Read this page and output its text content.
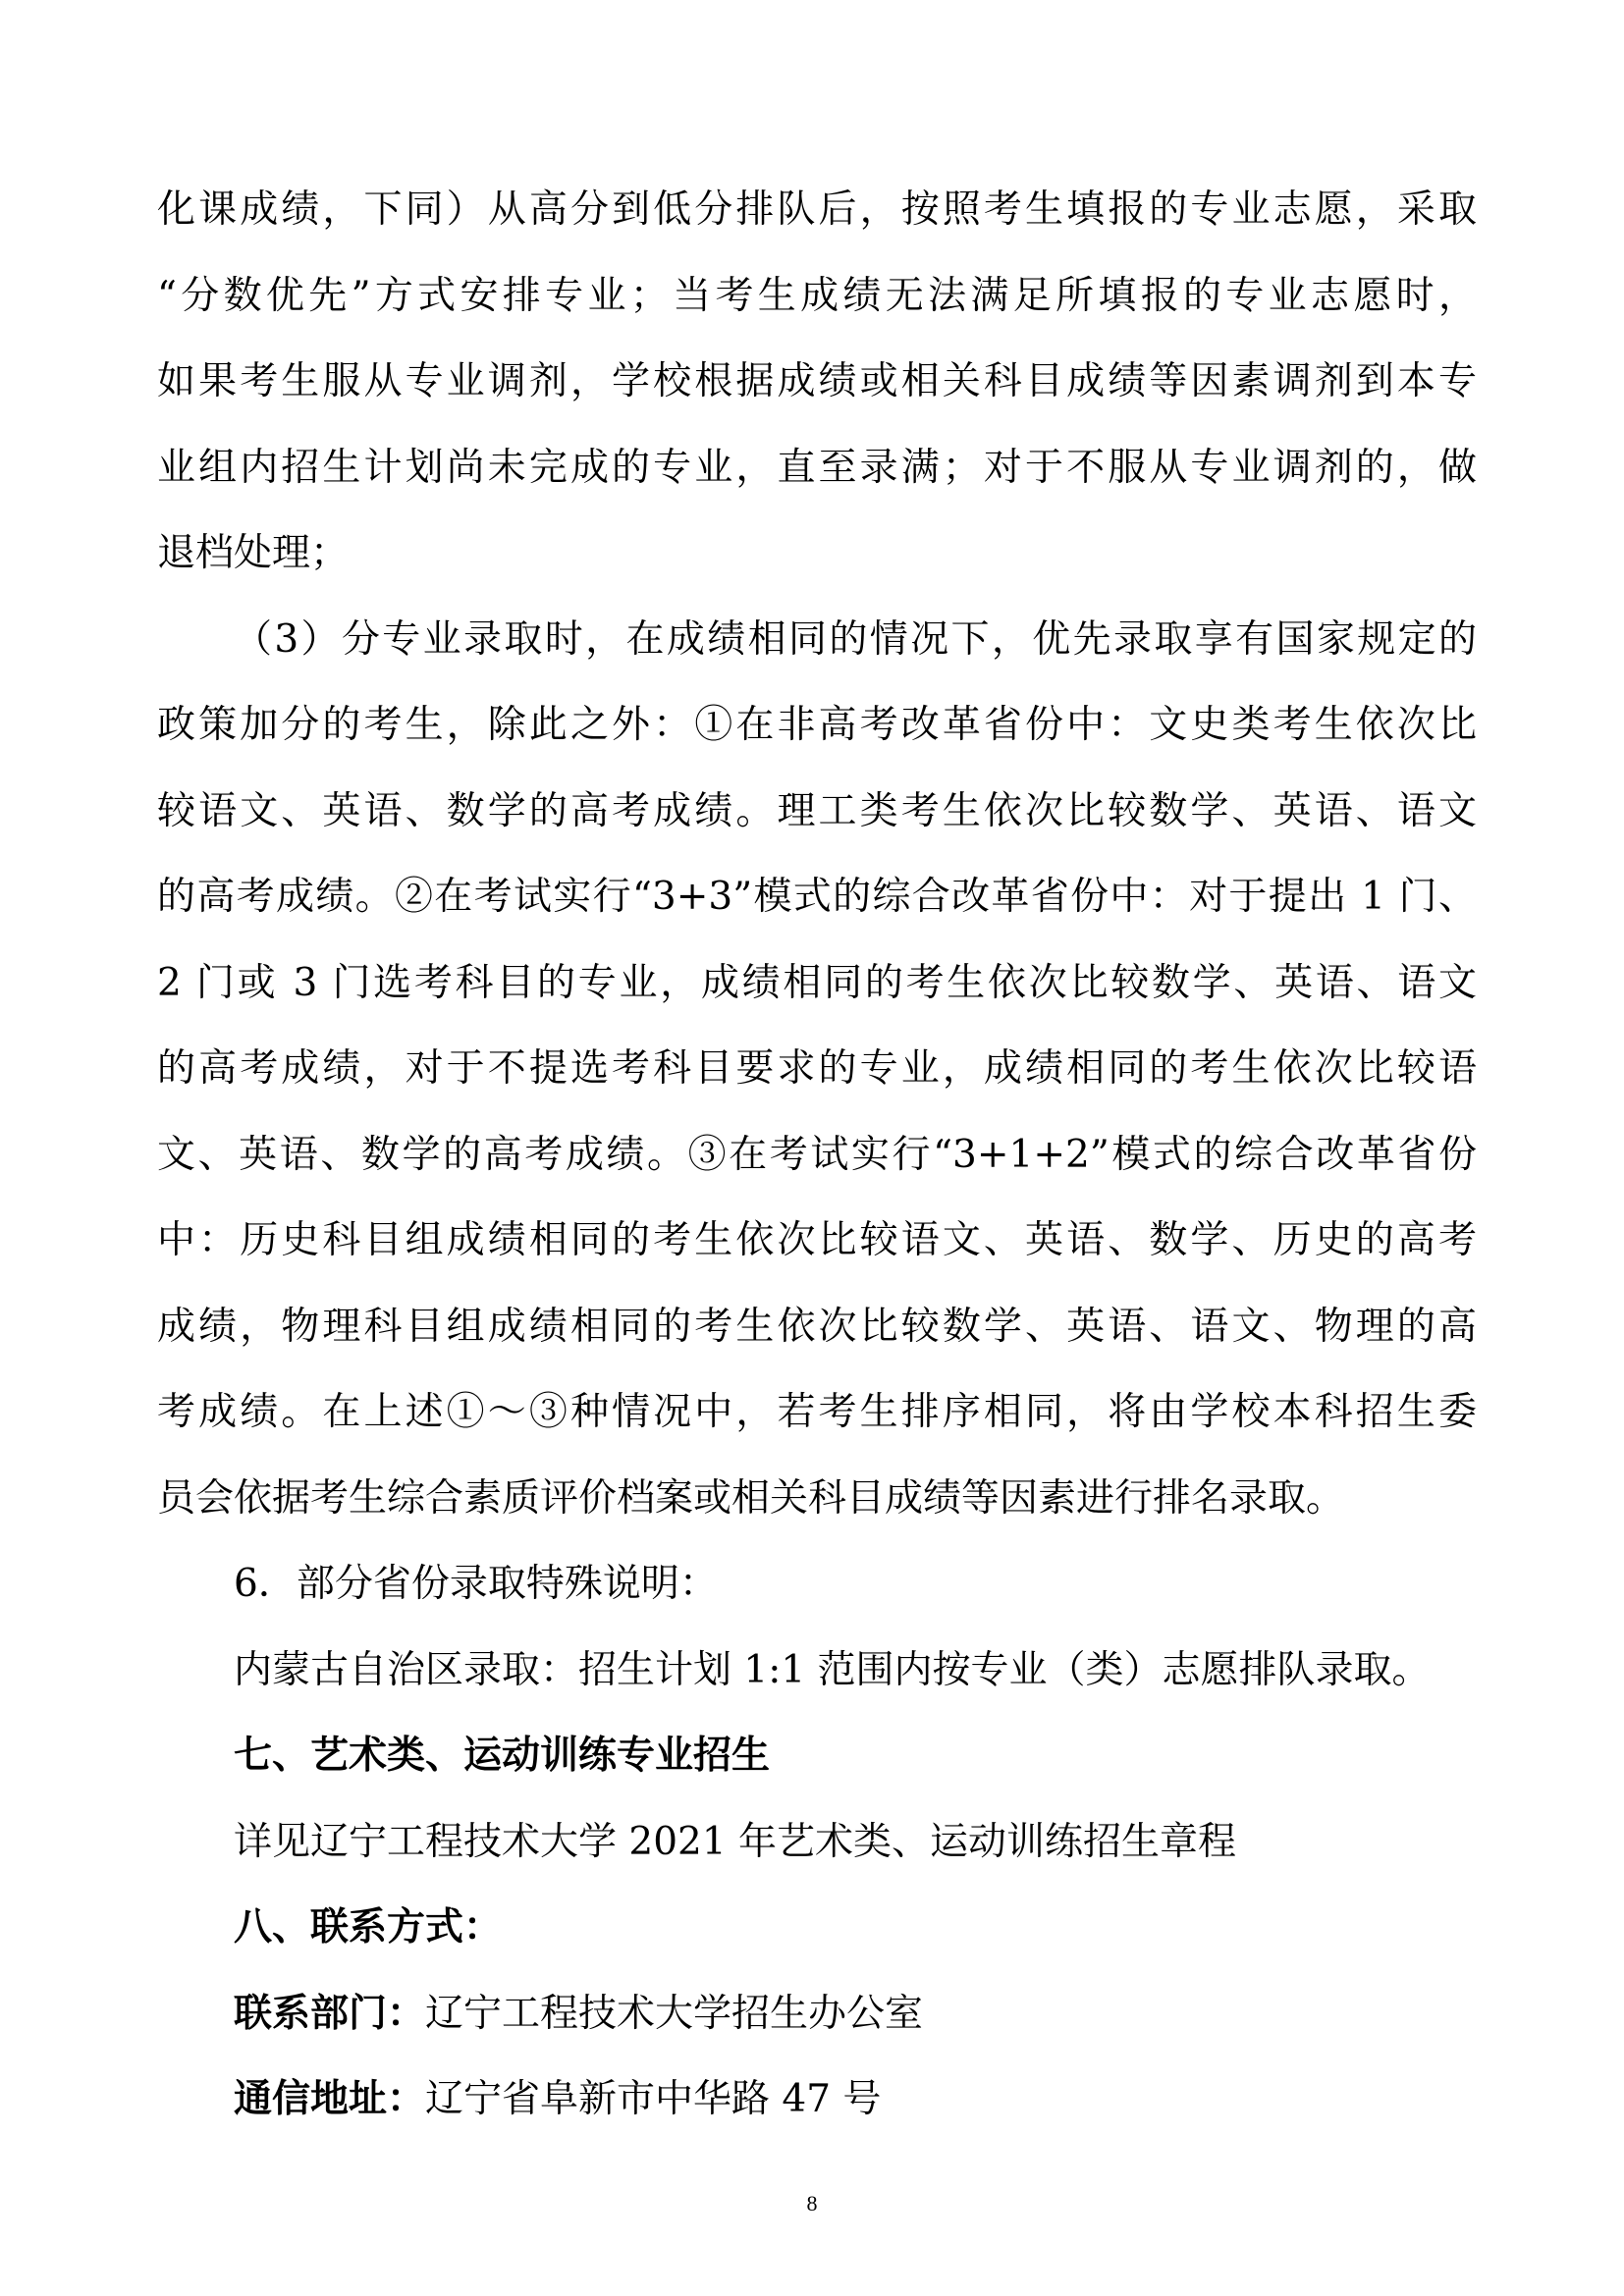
化课成绩，下同）从高分到低分排队后，按照考生填报的专业志愿，采取
“分数优先”方式安排专业；当考生成绩无法满足所填报的专业志愿时，
如果考生服从专业调剂，学校根据成绩或相关科目成绩等因素调剂到本专
业组内招生计划尚未完成的专业，直至录满；对于不服从专业调剂的，做
退档处理；
（3）分专业录取时，在成绩相同的情况下，优先录取享有国家规定的
政策加分的考生，除此之外：①在非高考改革省份中：文史类考生依次比
较语文、英语、数学的高考成绩。理工类考生依次比较数学、英语、语文
的高考成绩。②在考试实行“3+3”模式的综合改革省份中：对于提出 1 门、
2 门或 3 门选考科目的专业，成绩相同的考生依次比较数学、英语、语文
的高考成绩，对于不提选考科目要求的专业，成绩相同的考生依次比较语
文、英语、数学的高考成绩。③在考试实行“3+1+2”模式的综合改革省份
中：历史科目组成绩相同的考生依次比较语文、英语、数学、历史的高考
成绩，物理科目组成绩相同的考生依次比较数学、英语、语文、物理的高
考成绩。在上述①～③种情况中，若考生排序相同，将由学校本科招生委
员会依据考生综合素质评价档案或相关科目成绩等因素进行排名录取。
6．部分省份录取特殊说明：
内蒙古自治区录取：招生计划 1:1 范围内按专业（类）志愿排队录取。
七、艺术类、运动训练专业招生
详见辽宁工程技术大学 2021 年艺术类、运动训练招生章程
八、联系方式：
联系部门：辽宁工程技术大学招生办公室
通信地址：辽宁省阜新市中华路 47 号
8
